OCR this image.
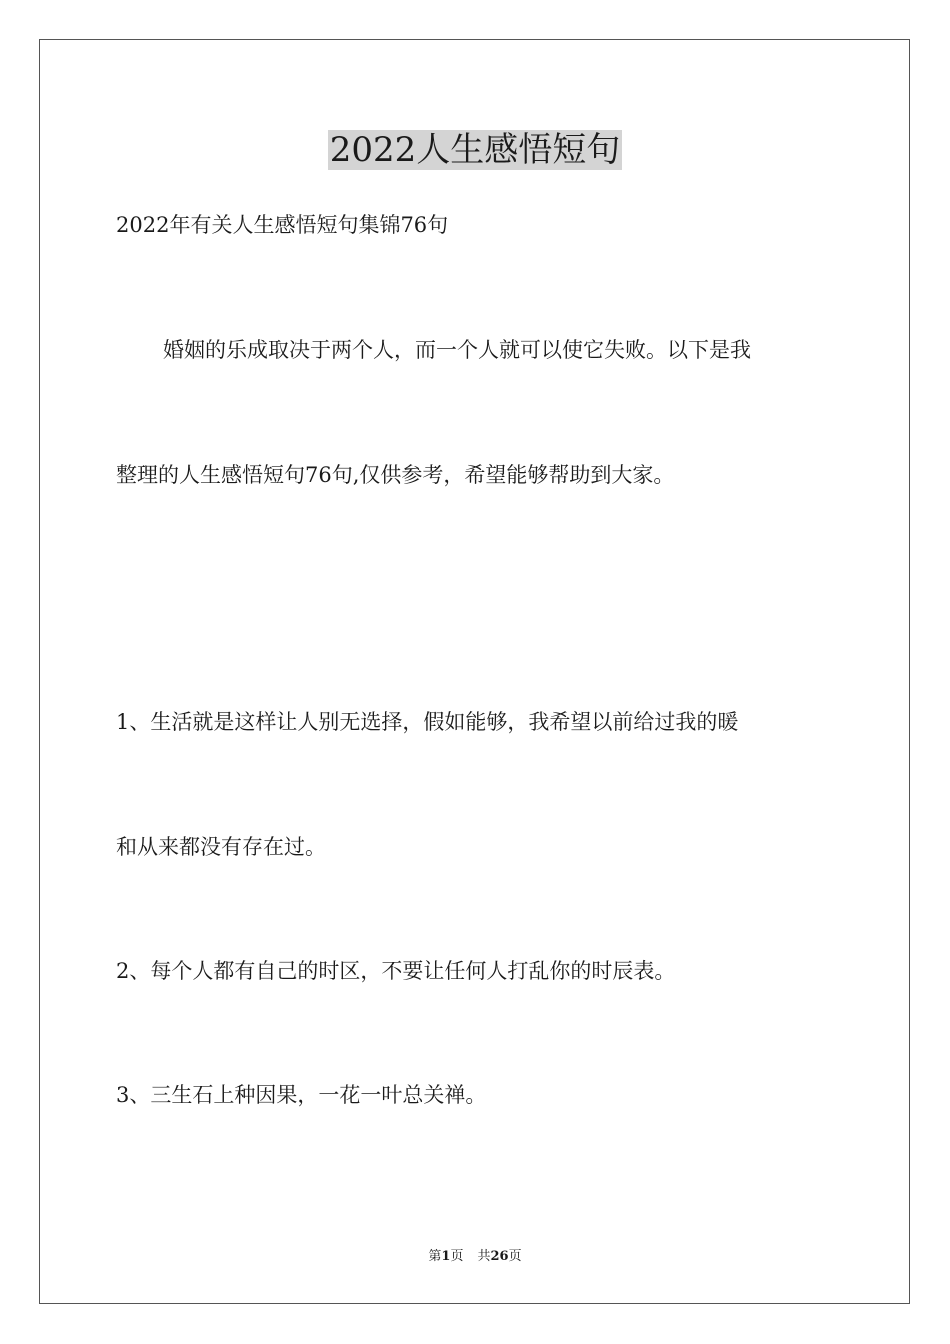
2022人生感悟短句
2022年有关人生感悟短句集锦76句
婚姻的乐成取决于两个人，而一个人就可以使它失败。以下是我
整理的人生感悟短句76句,仅供参考，希望能够帮助到大家。
1、生活就是这样让人别无选择，假如能够，我希望以前给过我的暖
和从来都没有存在过。
2、每个人都有自己的时区，不要让任何人打乱你的时辰表。
3、三生石上种因果，一花一叶总关禅。
第1页 共26页
